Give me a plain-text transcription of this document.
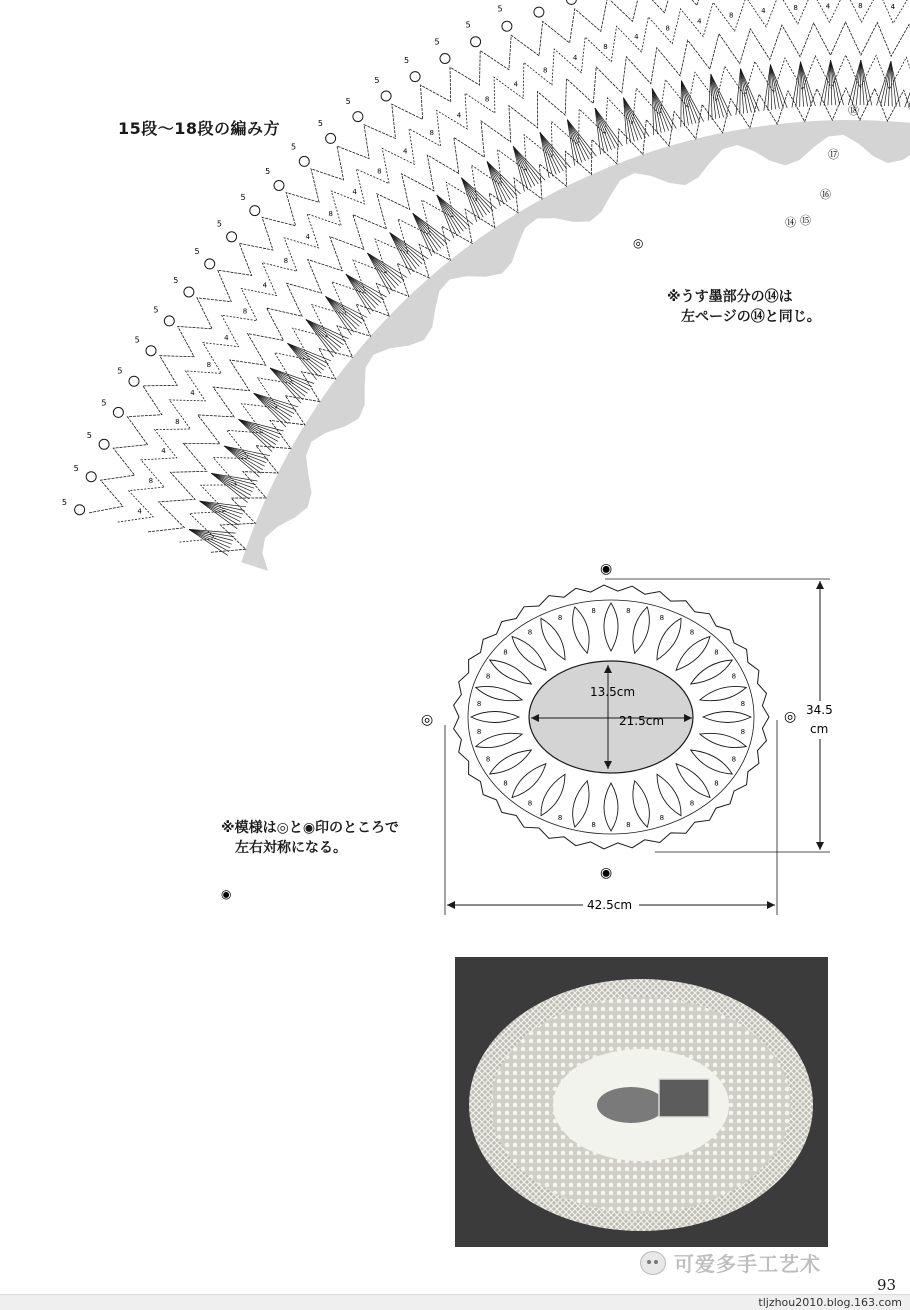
15段〜18段の編み方
5
4
5
8
5
4
5
8
5
4
5
8
5
4
5
8
5
4
5
8
5
4
5
8
5
4
5
8
5
4
5
8
5
4
5
8
5
4
5
8
4
8
4
8
4
8
4	8	4	8	4
⑭ ⑮
⑯
⑰
⑱
◎
◉
※うす墨部分の⑭は
左ページの⑭と同じ。
※模様は◎と◉印のところで
左右対称になる。
8
8
8
8
8
8
8
8
8
8
8
8
8
8
8
8
8
8	8
8
8
8
8
8
13.5cm
21.5cm
34.5
cm
42.5cm
◉
◉
◎	◎
可爱多手工艺术
93
tljzhou2010.blog.163.com
